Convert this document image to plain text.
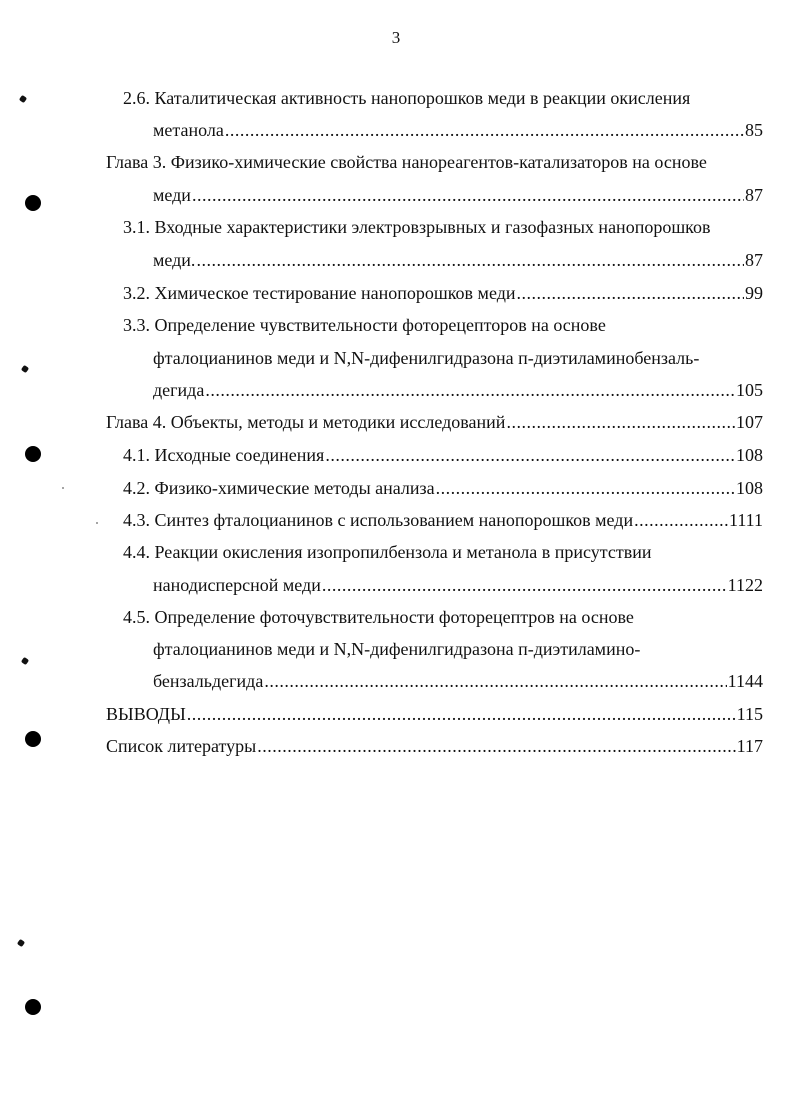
3
2.6. Каталитическая активность нанопорошков меди в реакции окисления
метанола .....	85
Глава 3. Физико-химические свойства нанореагентов-катализаторов на основе
меди .....	87
3.1. Входные характеристики электровзрывных и газофазных нанопорошков
меди. .....	87
3.2. Химическое тестирование нанопорошков меди .....	99
3.3. Определение чувствительности фоторецепторов на основе
фталоцианинов меди и N,N-дифенилгидразона п-диэтиламинобензаль-
дегида .....	105
Глава 4. Объекты, методы и методики исследований .....	107
4.1. Исходные соединения .....	108
4.2. Физико-химические методы анализа .....	108
4.3. Синтез фталоцианинов с использованием нанопорошков меди .....	1111
4.4. Реакции окисления изопропилбензола и метанола в присутствии
нанодисперсной меди .....	1122
4.5. Определение фоточувствительности фоторецептров на основе
фталоцианинов меди и N,N-дифенилгидразона п-диэтиламино-
бензальдегида .....	1144
ВЫВОДЫ .....	115
Список литературы .....	117
